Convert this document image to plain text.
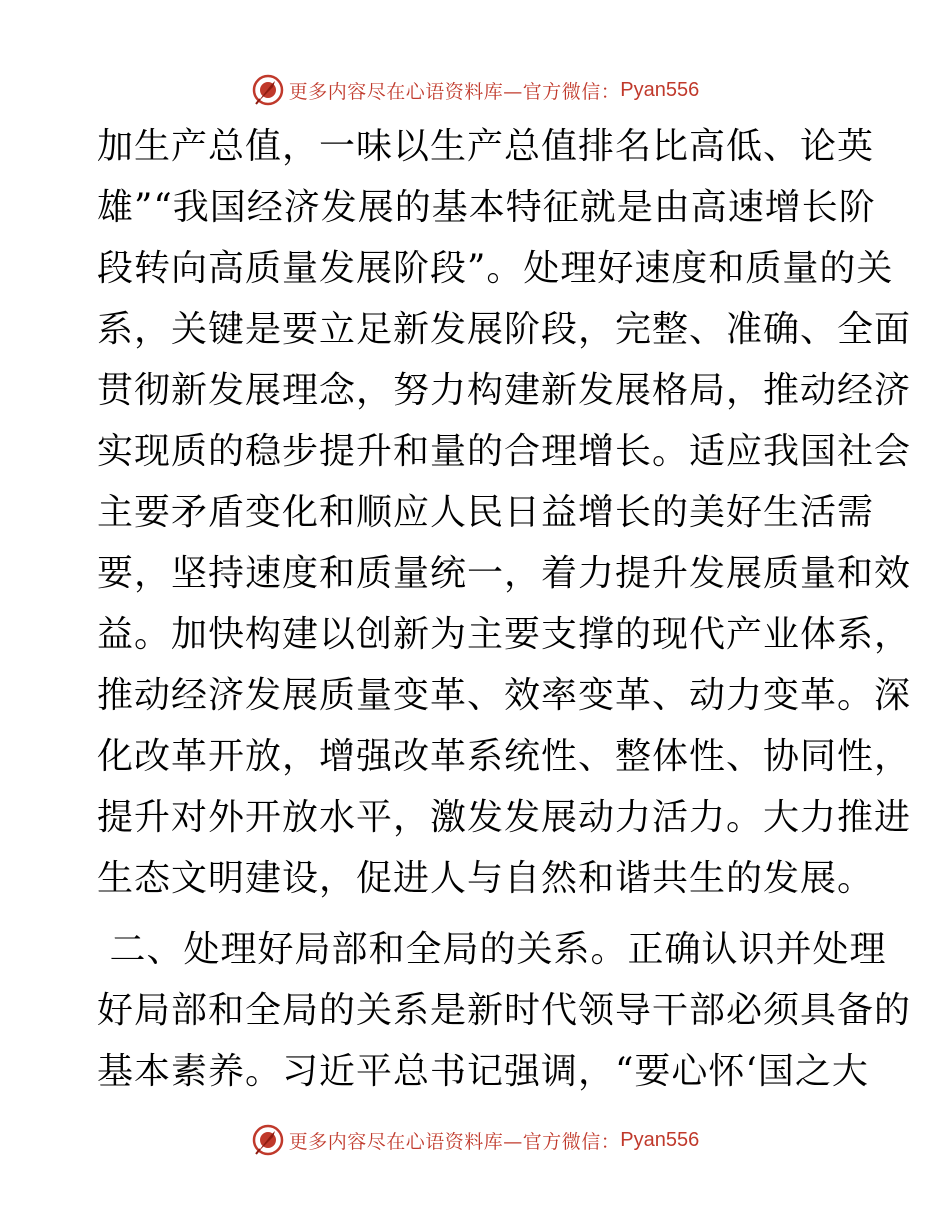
更多内容尽在心语资料库—官方微信： Pyan556
加生产总值，一味以生产总值排名比高低、论英
雄”“我国经济发展的基本特征就是由高速增长阶
段转向高质量发展阶段”。处理好速度和质量的关
系，关键是要立足新发展阶段，完整、准确、全面
贯彻新发展理念，努力构建新发展格局，推动经济
实现质的稳步提升和量的合理增长。适应我国社会
主要矛盾变化和顺应人民日益增长的美好生活需
要，坚持速度和质量统一，着力提升发展质量和效
益。加快构建以创新为主要支撑的现代产业体系，
推动经济发展质量变革、效率变革、动力变革。深
化改革开放，增强改革系统性、整体性、协同性，
提升对外开放水平，激发发展动力活力。大力推进
生态文明建设，促进人与自然和谐共生的发展。
二、处理好局部和全局的关系。正确认识并处理
好局部和全局的关系是新时代领导干部必须具备的
基本素养。习近平总书记强调，“要心怀‘国之大
更多内容尽在心语资料库—官方微信： Pyan556
